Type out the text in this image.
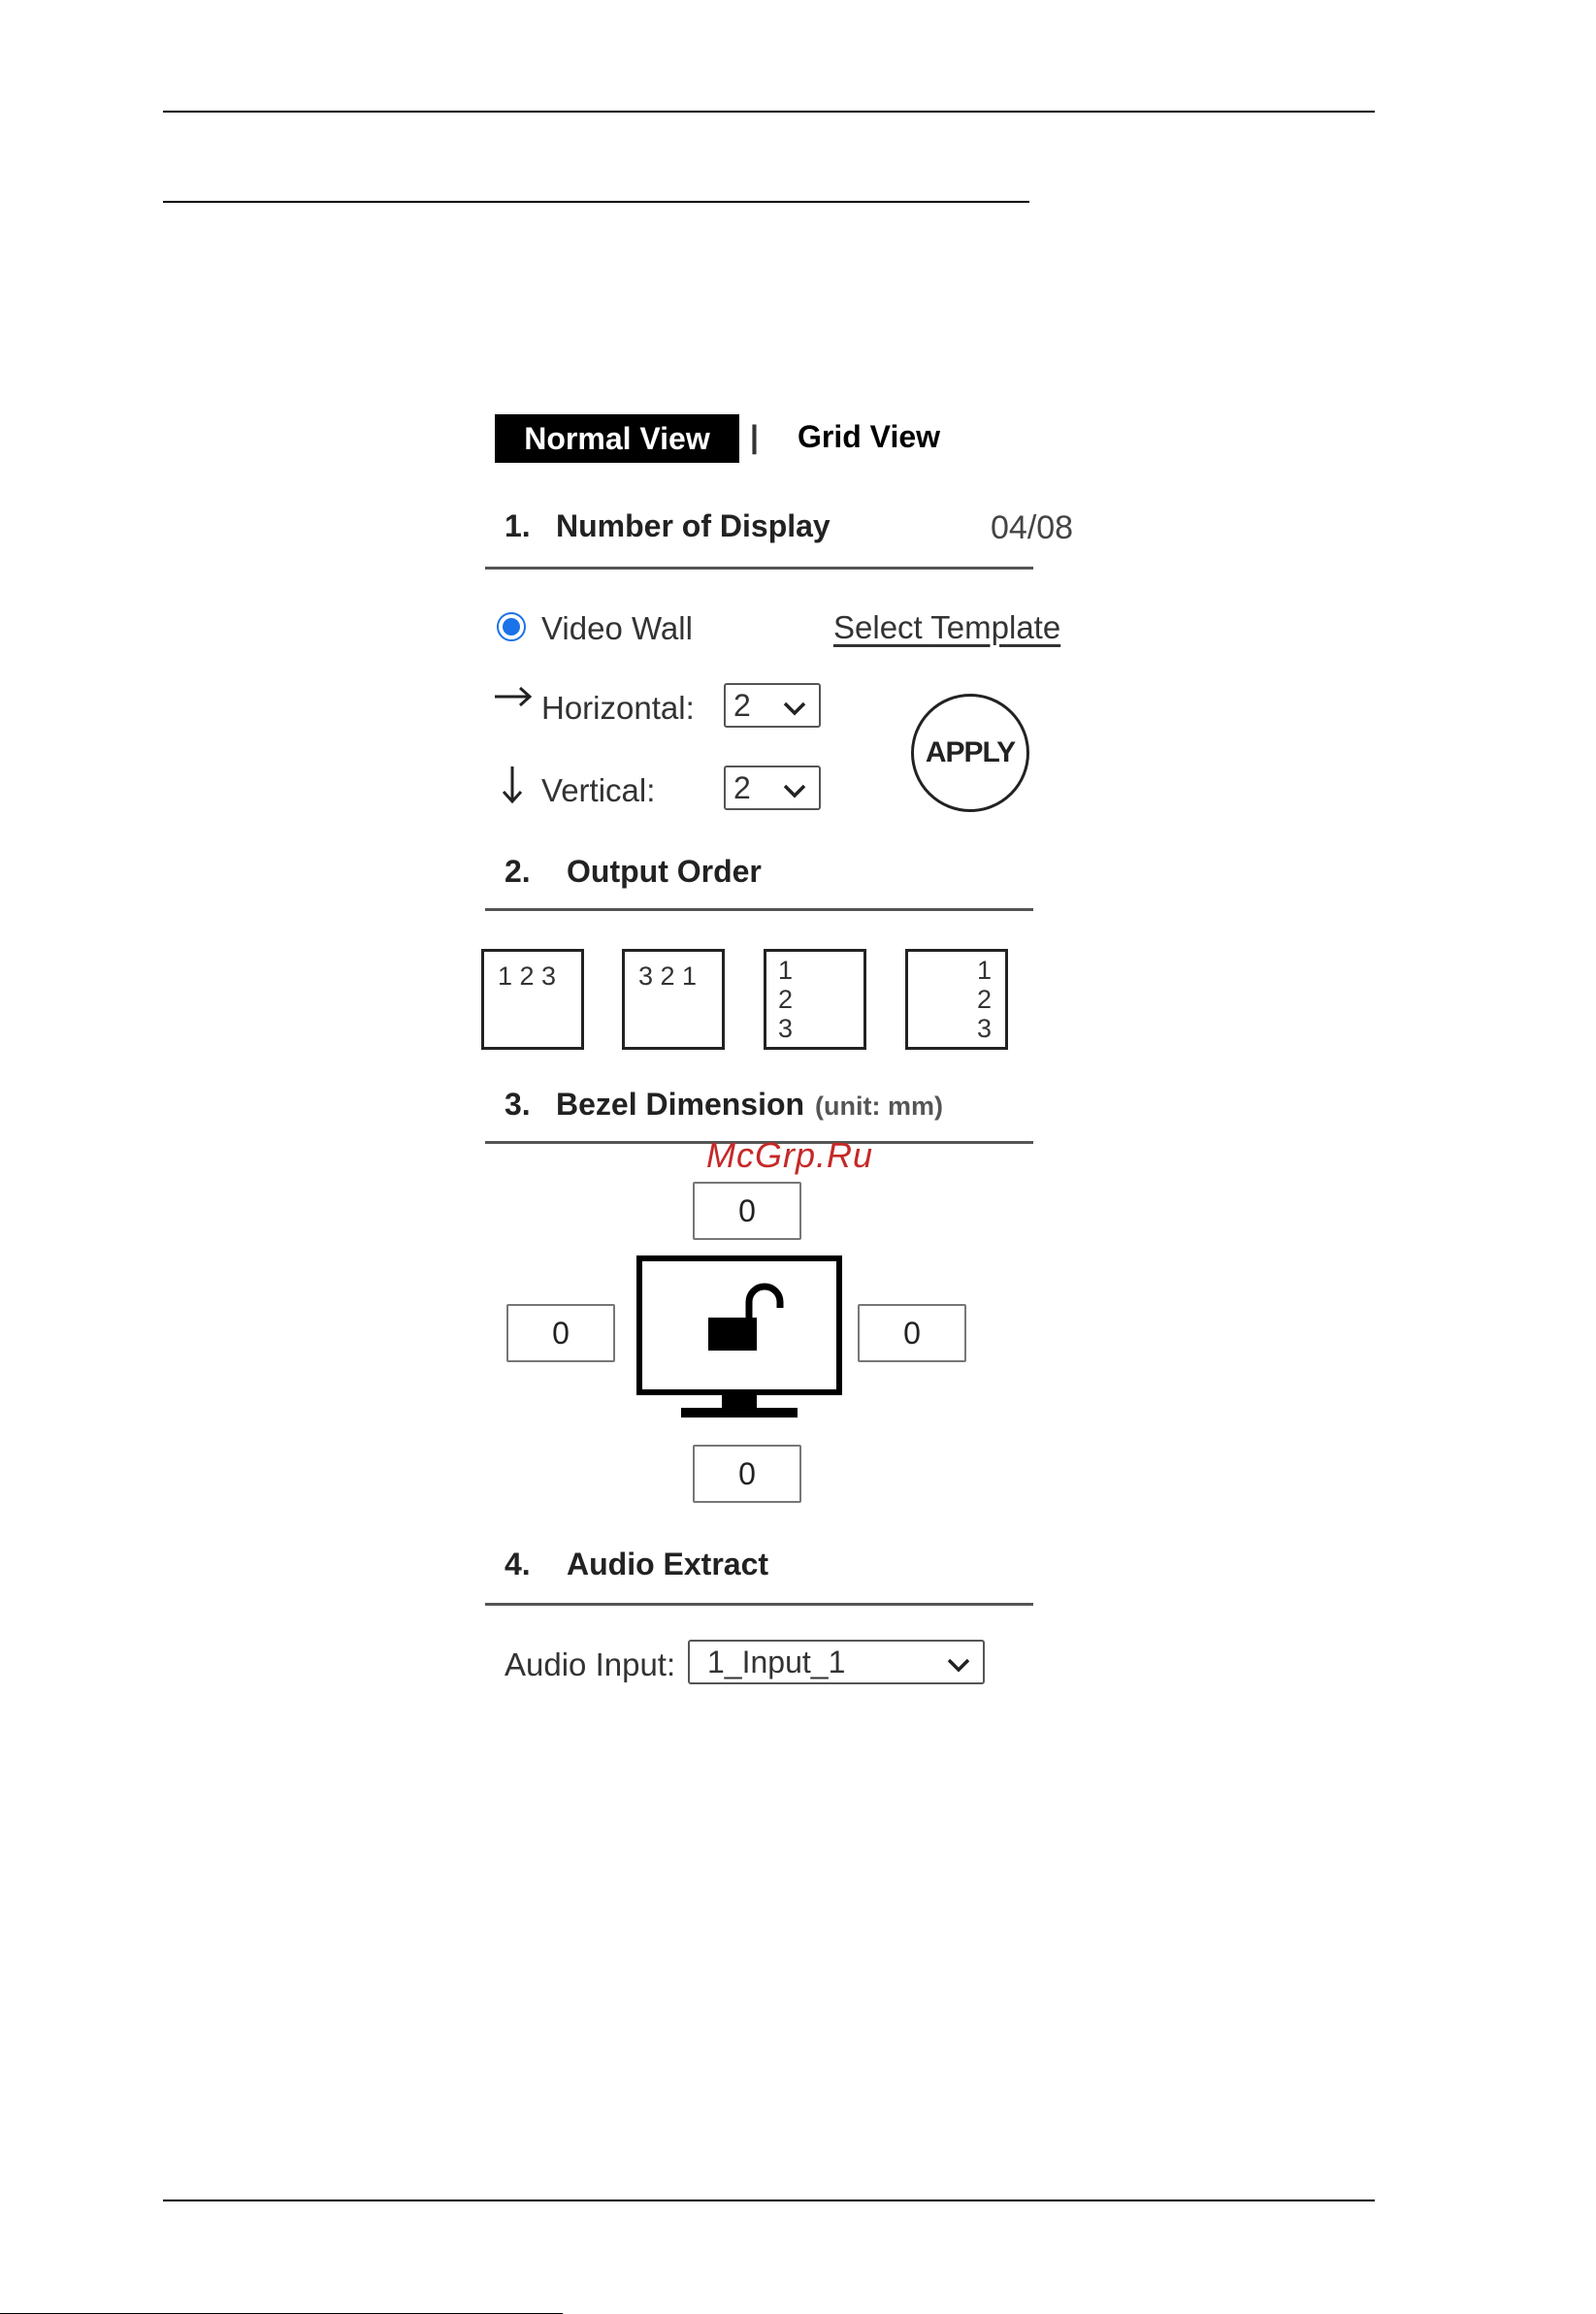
Normal View	| Grid View
1. Number of Display	04/08
Video Wall	Select Template
Horizontal: 2
Vertical:	2
APPLY
2. Output Order
1 2 3	3 2 1	1
2
3
1
2
3
3. Bezel Dimension (unit: mm)
McGrp.Ru
0
0	0
0
4. Audio Extract
Audio Input: 1_Input_1
